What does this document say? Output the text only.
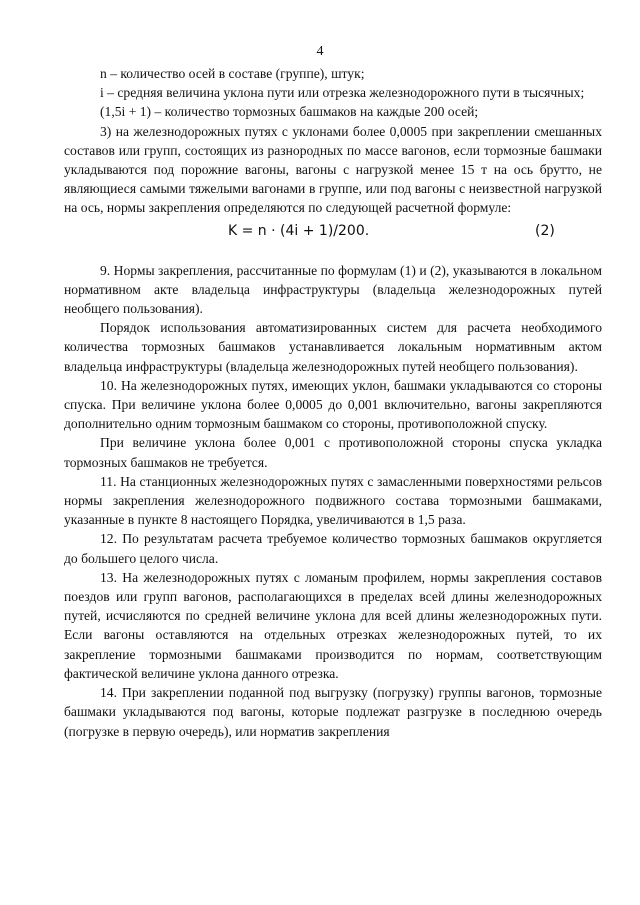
4

n – количество осей в составе (группе), штук;

i – средняя величина уклона пути или отрезка железнодорожного пути в тысячных;

(1,5i + 1) – количество тормозных башмаков на каждые 200 осей;

3) на железнодорожных путях с уклонами более 0,0005 при закреплении смешанных составов или групп, состоящих из разнородных по массе вагонов, если тормозные башмаки укладываются под порожние вагоны, вагоны с нагрузкой менее 15 т на ось брутто, не являющиеся самыми тяжелыми вагонами в группе, или под вагоны с неизвестной нагрузкой на ось, нормы закрепления определяются по следующей расчетной формуле:

K = n · (4i + 1)/200.	(2)

9. Нормы закрепления, рассчитанные по формулам (1) и (2), указываются в локальном нормативном акте владельца инфраструктуры (владельца железнодорожных путей необщего пользования).

Порядок использования автоматизированных систем для расчета необходимого количества тормозных башмаков устанавливается локальным нормативным актом владельца инфраструктуры (владельца железнодорожных путей необщего пользования).

10. На железнодорожных путях, имеющих уклон, башмаки укладываются со стороны спуска. При величине уклона более 0,0005 до 0,001 включительно, вагоны закрепляются дополнительно одним тормозным башмаком со стороны, противоположной спуску.

При величине уклона более 0,001 с противоположной стороны спуска укладка тормозных башмаков не требуется.

11. На станционных железнодорожных путях с замасленными поверхностями рельсов нормы закрепления железнодорожного подвижного состава тормозными башмаками, указанные в пункте 8 настоящего Порядка, увеличиваются в 1,5 раза.

12. По результатам расчета требуемое количество тормозных башмаков округляется до большего целого числа.

13. На железнодорожных путях с ломаным профилем, нормы закрепления составов поездов или групп вагонов, располагающихся в пределах всей длины железнодорожных путей, исчисляются по средней величине уклона для всей длины железнодорожных пути. Если вагоны оставляются на отдельных отрезках железнодорожных путей, то их закрепление тормозными башмаками производится по нормам, соответствующим фактической величине уклона данного отрезка.

14. При закреплении поданной под выгрузку (погрузку) группы вагонов, тормозные башмаки укладываются под вагоны, которые подлежат разгрузке в последнюю очередь (погрузке в первую очередь), или норматив закрепления
